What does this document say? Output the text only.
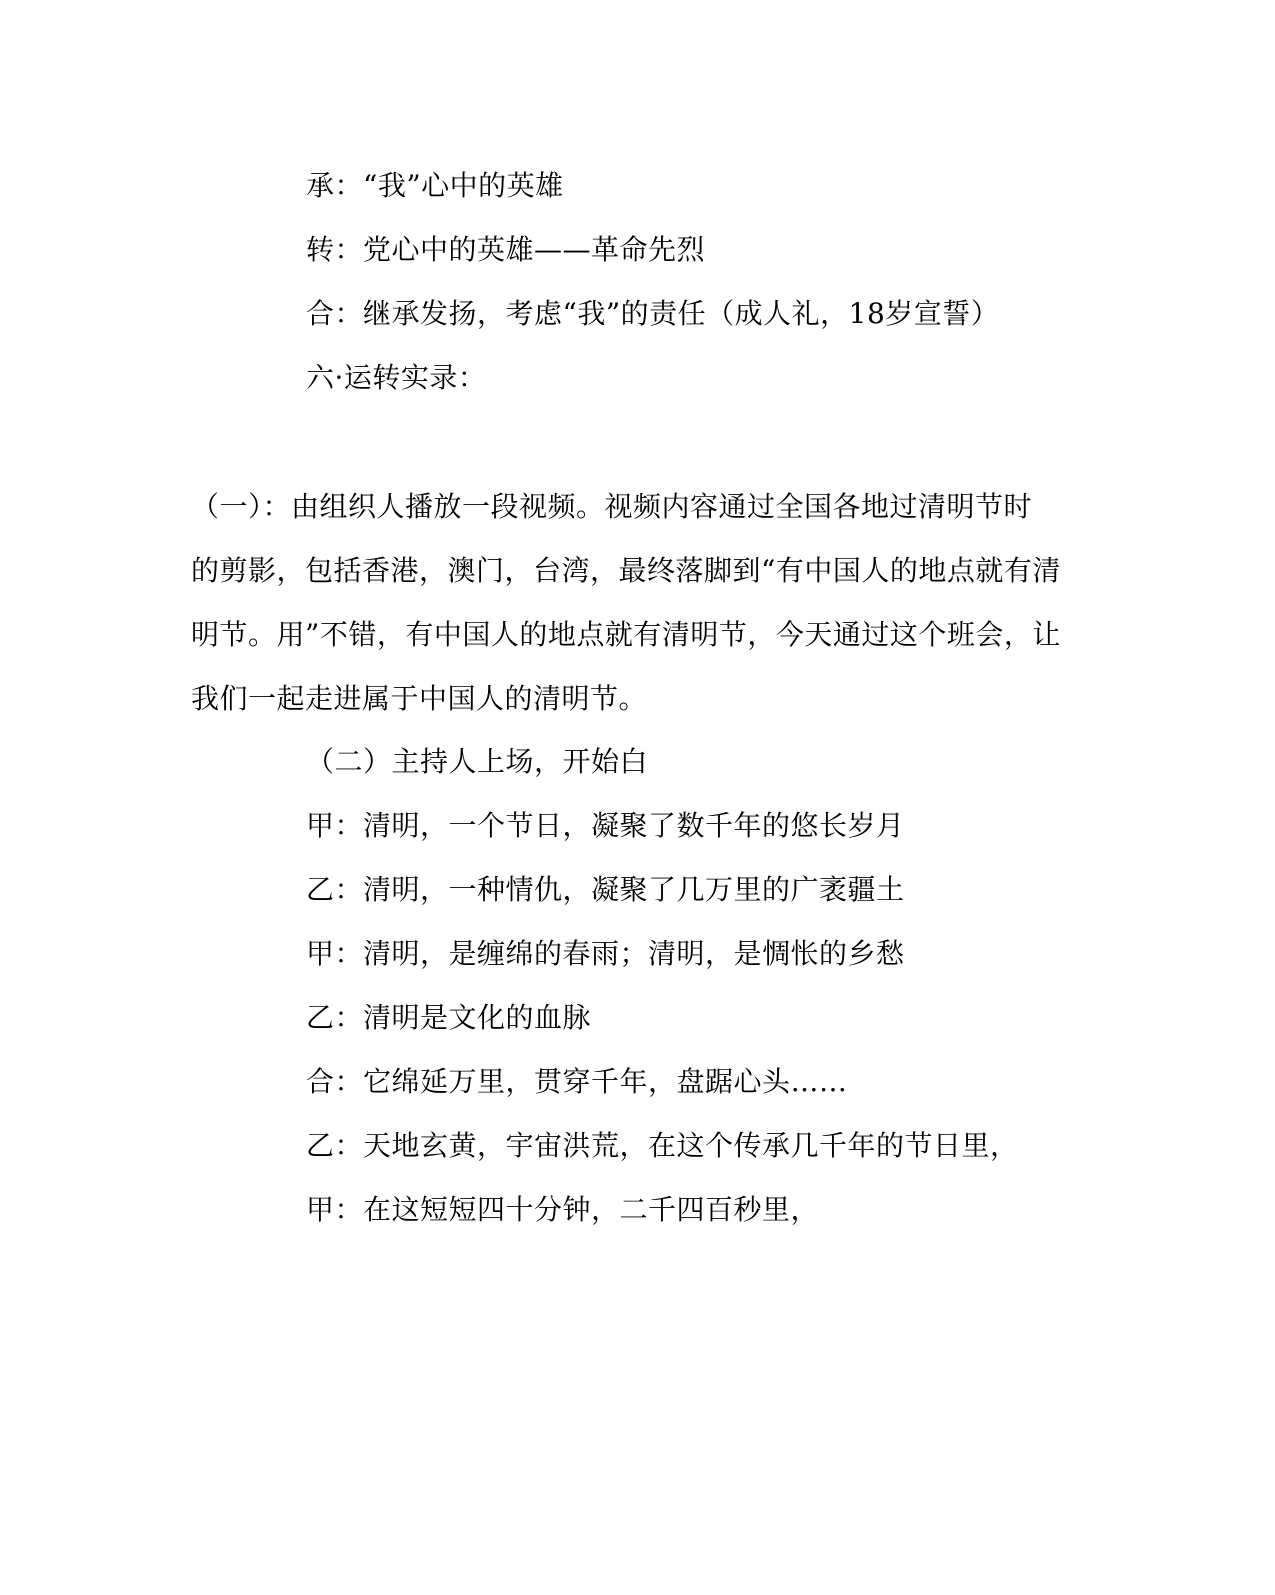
承：“我”心中的英雄
转：党心中的英雄——革命先烈
合：继承发扬，考虑“我”的责任（成人礼，18岁宣誓）
六·运转实录：
（一）：由组织人播放一段视频。视频内容通过全国各地过清明节时
的剪影，包括香港，澳门，台湾，最终落脚到“有中国人的地点就有清
明节。用”不错，有中国人的地点就有清明节，今天通过这个班会，让
我们一起走进属于中国人的清明节。
（二）主持人上场，开始白
甲：清明，一个节日，凝聚了数千年的悠长岁月
乙：清明，一种情仇，凝聚了几万里的广袤疆土
甲：清明，是缠绵的春雨；清明，是惆怅的乡愁
乙：清明是文化的血脉
合：它绵延万里，贯穿千年，盘踞心头……
乙：天地玄黄，宇宙洪荒，在这个传承几千年的节日里，
甲：在这短短四十分钟，二千四百秒里，
